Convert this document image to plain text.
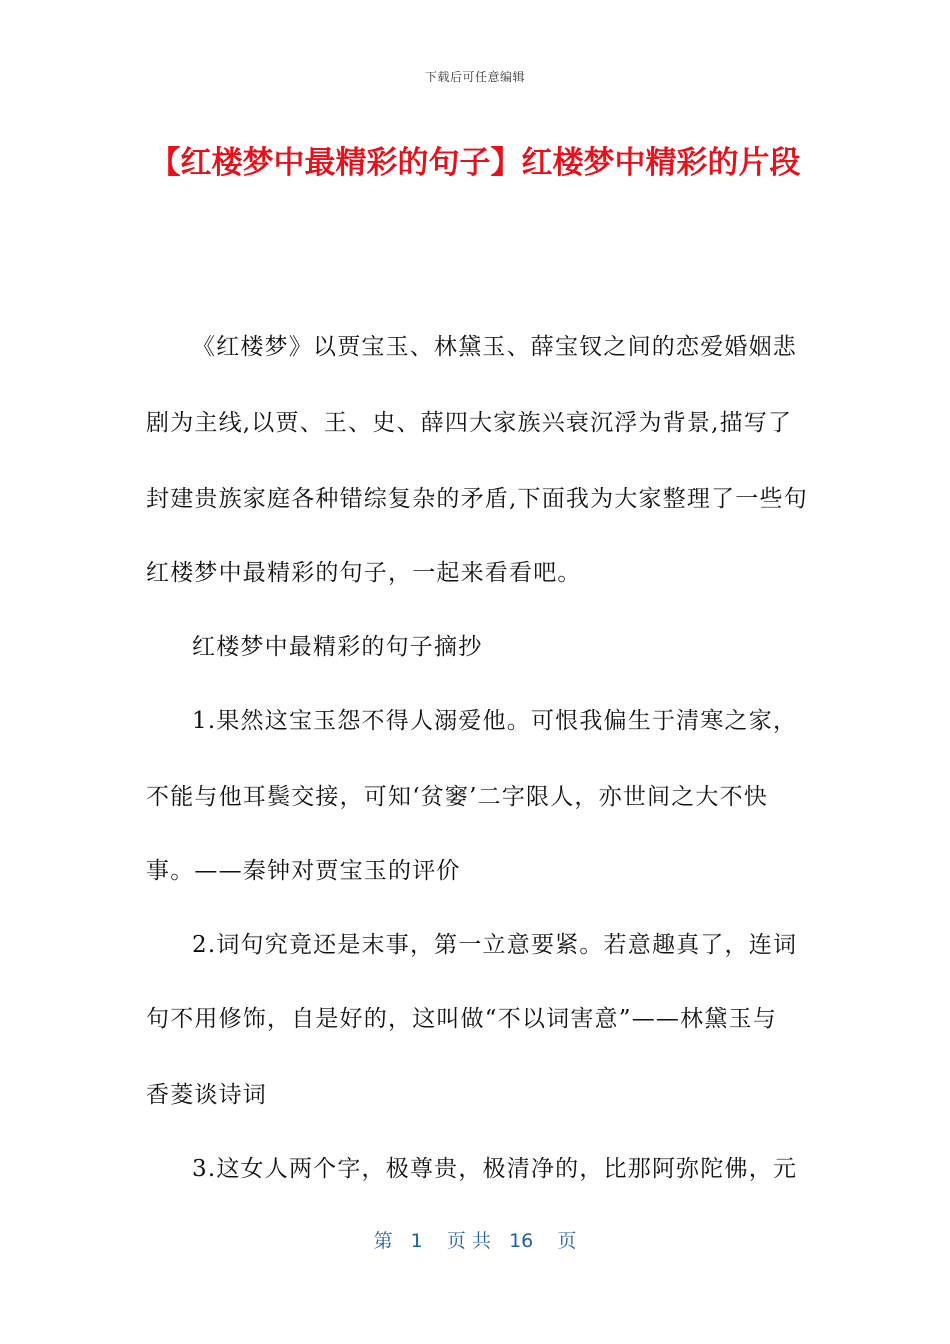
下载后可任意编辑
【红楼梦中最精彩的句子】红楼梦中精彩的片段
《红楼梦》以贾宝玉、林黛玉、薛宝钗之间的恋爱婚姻悲
剧为主线,以贾、王、史、薛四大家族兴衰沉浮为背景,描写了
封建贵族家庭各种错综复杂的矛盾,下面我为大家整理了一些句
红楼梦中最精彩的句子，一起来看看吧。
红楼梦中最精彩的句子摘抄
1.果然这宝玉怨不得人溺爱他。可恨我偏生于清寒之家，
不能与他耳鬓交接，可知‘贫窭’二字限人，亦世间之大不快
事。——秦钟对贾宝玉的评价
2.词句究竟还是末事，第一立意要紧。若意趣真了，连词
句不用修饰，自是好的，这叫做“不以词害意”——林黛玉与
香菱谈诗词
3.这女人两个字，极尊贵，极清净的，比那阿弥陀佛，元
第   1    页 共   16    页
